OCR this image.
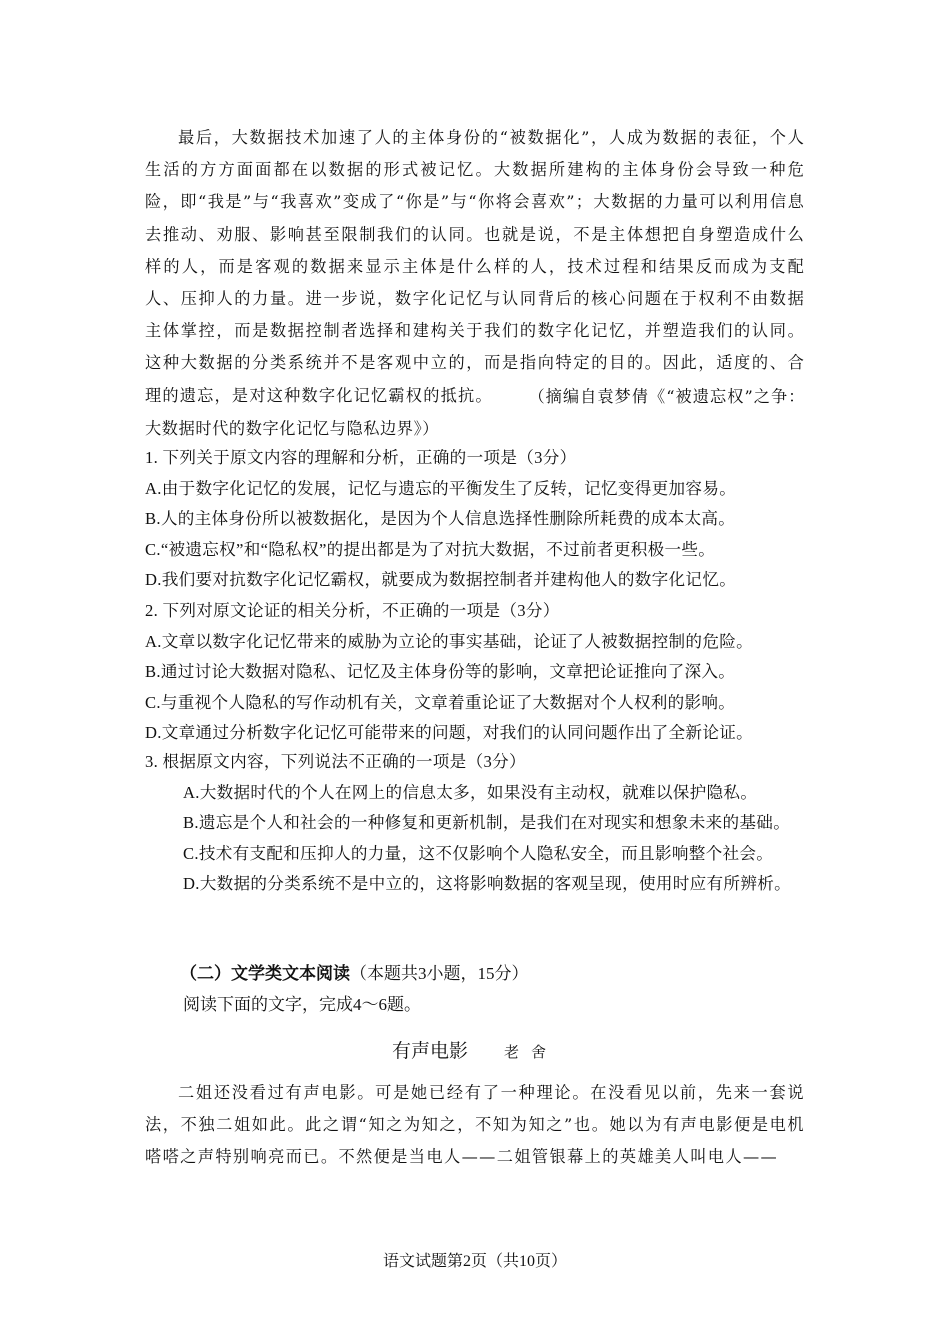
最后，大数据技术加速了人的主体身份的“被数据化”，人成为数据的表征，个人生活的方方面面都在以数据的形式被记忆。大数据所建构的主体身份会导致一种危险，即“我是”与“我喜欢”变成了“你是”与“你将会喜欢”；大数据的力量可以利用信息去推动、劝服、影响甚至限制我们的认同。也就是说，不是主体想把自身塑造成什么样的人，而是客观的数据来显示主体是什么样的人，技术过程和结果反而成为支配人、压抑人的力量。进一步说，数字化记忆与认同背后的核心问题在于权利不由数据主体掌控，而是数据控制者选择和建构关于我们的数字化记忆，并塑造我们的认同。这种大数据的分类系统并不是客观中立的，而是指向特定的目的。因此，适度的、合理的遗忘，是对这种数字化记忆霸权的抵抗。	（摘编自袁梦倩《“被遗忘权”之争：大数据时代的数字化记忆与隐私边界》）

1. 下列关于原文内容的理解和分析，正确的一项是（3分）
A.由于数字化记忆的发展，记忆与遗忘的平衡发生了反转，记忆变得更加容易。
B.人的主体身份所以被数据化，是因为个人信息选择性删除所耗费的成本太高。
C.“被遗忘权”和“隐私权”的提出都是为了对抗大数据，不过前者更积极一些。
D.我们要对抗数字化记忆霸权，就要成为数据控制者并建构他人的数字化记忆。
2. 下列对原文论证的相关分析，不正确的一项是（3分）
A.文章以数字化记忆带来的威胁为立论的事实基础，论证了人被数据控制的危险。
B.通过讨论大数据对隐私、记忆及主体身份等的影响，文章把论证推向了深入。
C.与重视个人隐私的写作动机有关，文章着重论证了大数据对个人权利的影响。
D.文章通过分析数字化记忆可能带来的问题，对我们的认同问题作出了全新论证。
3. 根据原文内容，下列说法不正确的一项是（3分）
A.大数据时代的个人在网上的信息太多，如果没有主动权，就难以保护隐私。
B.遗忘是个人和社会的一种修复和更新机制，是我们在对现实和想象未来的基础。
C.技术有支配和压抑人的力量，这不仅影响个人隐私安全，而且影响整个社会。
D.大数据的分类系统不是中立的，这将影响数据的客观呈现，使用时应有所辨析。
（二）文学类文本阅读（本题共3小题，15分）
阅读下面的文字，完成4～6题。
有声电影 老舍

二姐还没看过有声电影。可是她已经有了一种理论。在没看见以前，先来一套说法，不独二姐如此。此之谓“知之为知之，不知为知之”也。她以为有声电影便是电机嗒嗒之声特别响亮而已。不然便是当电人——二姐管银幕上的英雄美人叫电人——

语文试题第2页（共10页）
